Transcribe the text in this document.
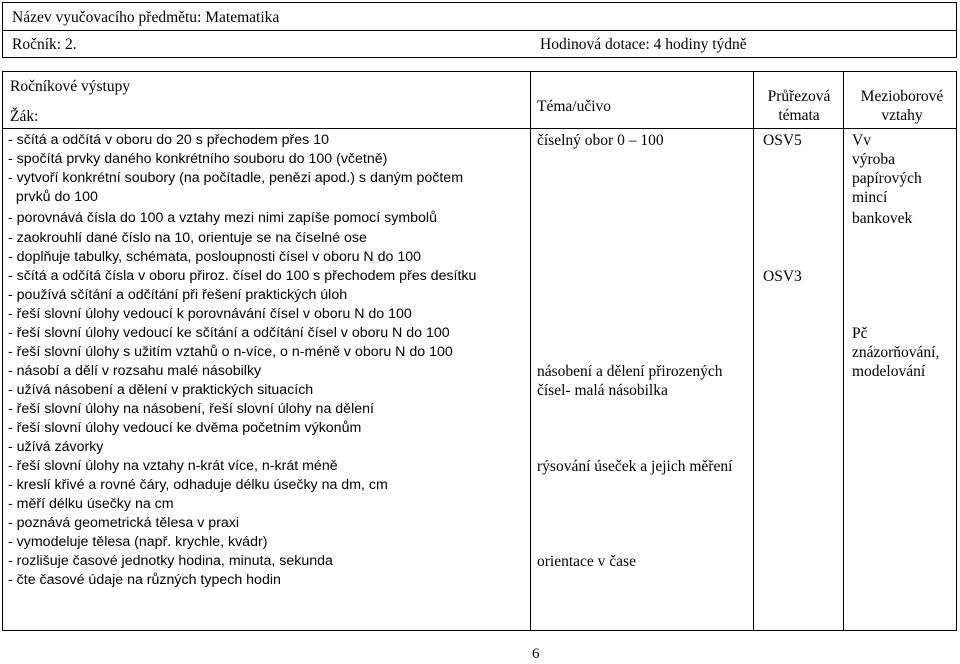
Název vyučovacího předmětu: Matematika
Ročník: 2.	Hodinová dotace: 4 hodiny týdně
Ročníkové výstupy
Žák:
Téma/učivo
Průřezová
témata
Mezioborové
vztahy
- sčítá a odčítá v oboru do 20 s přechodem přes 10
- spočítá prvky daného konkrétního souboru do 100 (včetně)
- vytvoří konkrétní soubory (na počítadle, penězi apod.) s daným počtem
prvků do 100
- porovnává čísla do 100 a vztahy mezi nimi zapíše pomocí symbolů
- zaokrouhlí dané číslo na 10, orientuje se na číselné ose
- doplňuje tabulky, schémata, posloupnosti čísel v oboru N do 100
- sčítá a odčítá čísla v oboru přiroz. čísel do 100 s přechodem přes desítku
- používá sčítání a odčítání při řešení praktických úloh
- řeší slovní úlohy vedoucí k porovnávání čísel v oboru N do 100
- řeší slovní úlohy vedoucí ke sčítání a odčítání čísel v oboru N do 100
- řeší slovní úlohy s užitím vztahů o n-více, o n-méně v oboru N do 100
- násobí a dělí v rozsahu malé násobilky
- užívá násobení a dělení v praktických situacích
- řeší slovní úlohy na násobení, řeší slovní úlohy na dělení
- řeší slovní úlohy vedoucí ke dvěma početním výkonům
- užívá závorky
- řeší slovní úlohy na vztahy n-krát více, n-krát méně
- kreslí křivé a rovné čáry, odhaduje délku úsečky na dm, cm
- měří délku úsečky na cm
- poznává geometrická tělesa v praxi
- vymodeluje tělesa (např. krychle, kvádr)
- rozlišuje časové jednotky hodina, minuta, sekunda
- čte časové údaje na různých typech hodin
číselný obor 0 – 100
násobení a dělení přirozených
čísel- malá násobilka
rýsování úseček a jejich měření
orientace v čase
OSV5
OSV3
Vv
výroba
papírových
mincí
bankovek
Pč
znázorňování,
modelování
6
